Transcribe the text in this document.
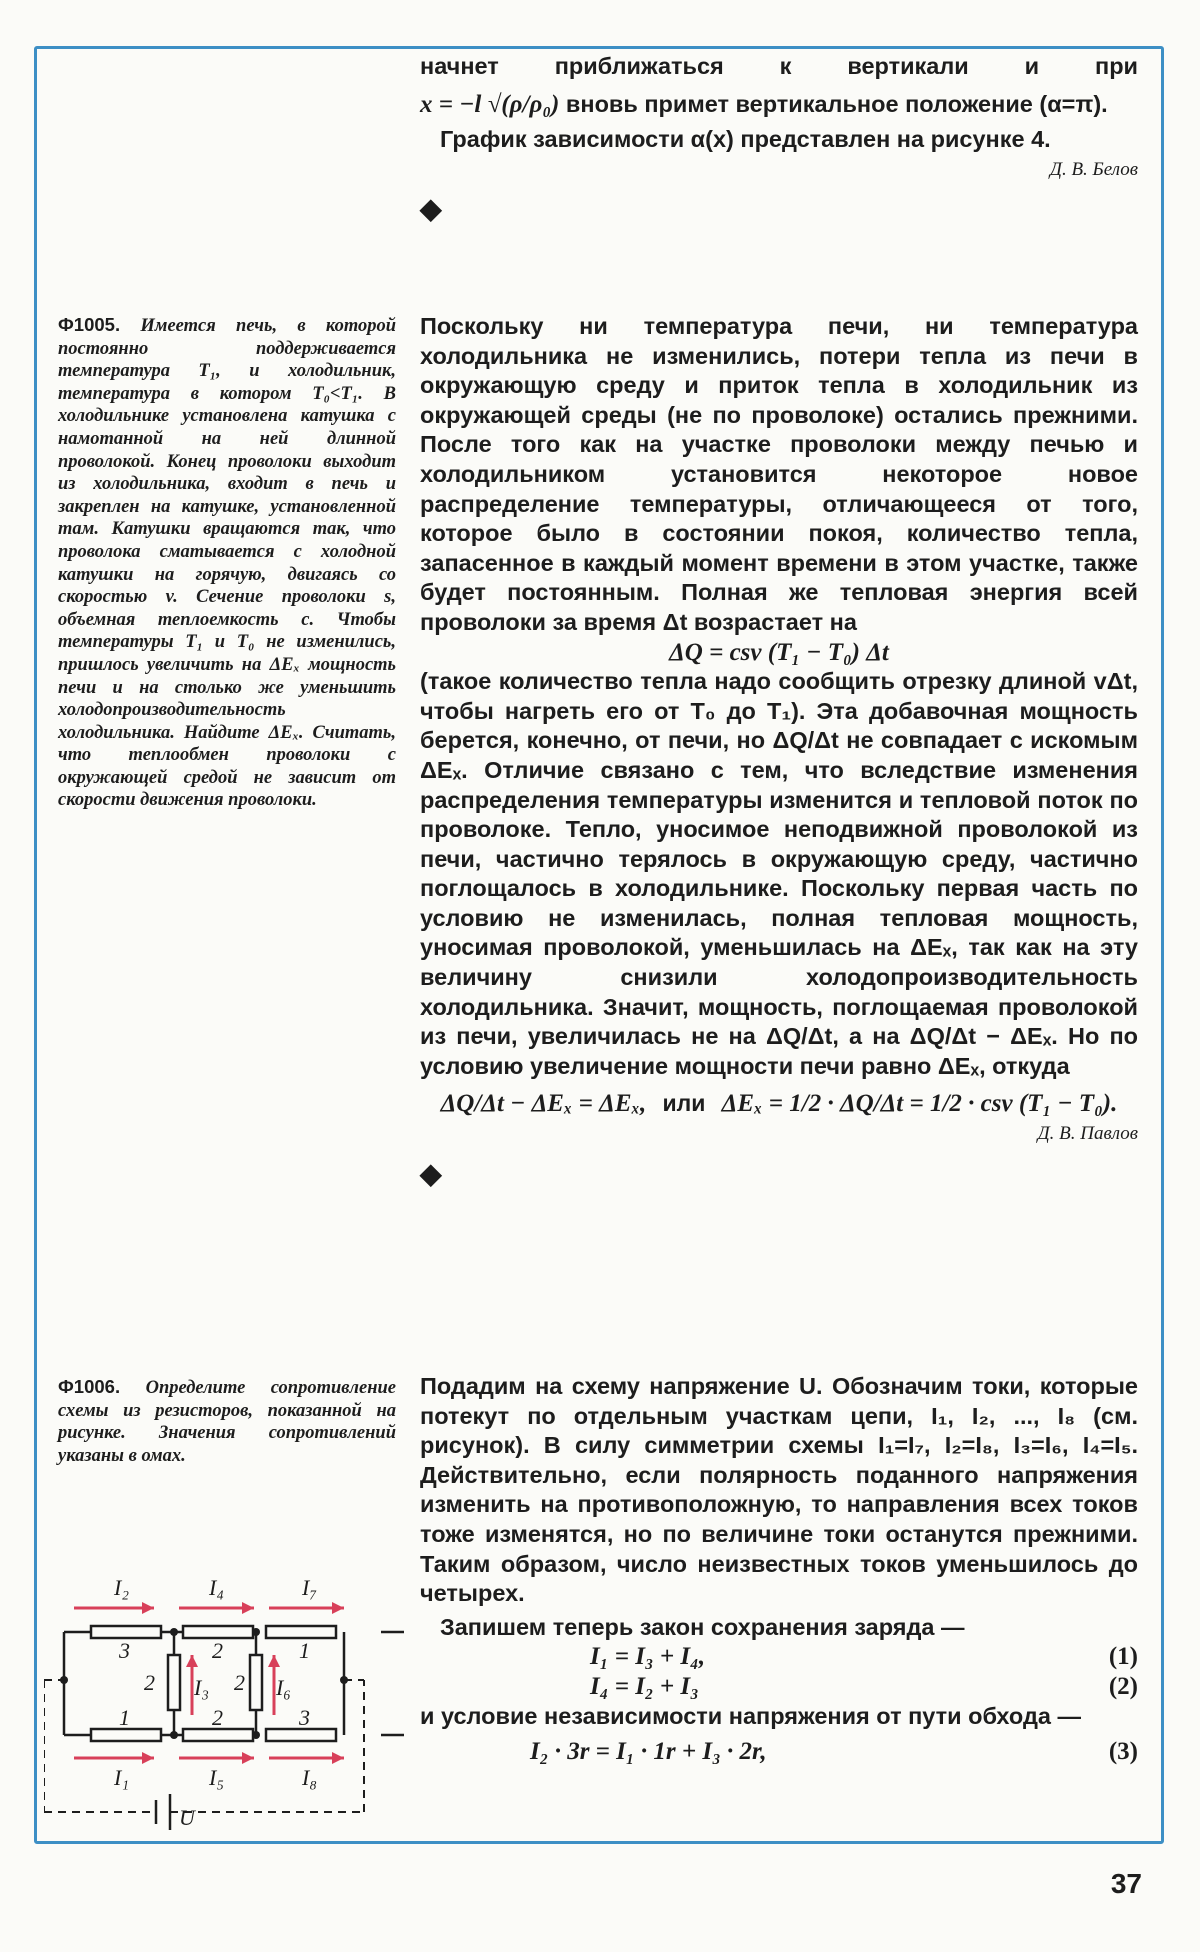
начнет приближаться к вертикали и при

x = −l √(ρ/ρ₀) вновь примет вертикальное положение (α=π).

График зависимости α(x) представлен на рисунке 4.

Д. В. Белов

◆
Ф1005. Имеется печь, в которой постоянно поддерживается температура T₁, и холодильник, температура в котором T₀<T₁. В холодильнике установлена катушка с намотанной на ней длинной проволокой. Конец проволоки выходит из холодильника, входит в печь и закреплен на катушке, установленной там. Катушки вращаются так, что проволока сматывается с холодной катушки на горячую, двигаясь со скоростью v. Сечение проволоки s, объемная теплоемкость c. Чтобы температуры T₁ и T₀ не изменились, пришлось увеличить на ΔEₓ мощность печи и на столько же уменьшить холодопроизводительность холодильника. Найдите ΔEₓ. Считать, что теплообмен проволоки с окружающей средой не зависит от скорости движения проволоки.

Поскольку ни температура печи, ни температура холодильника не изменились, потери тепла из печи в окружающую среду и приток тепла в холодильник из окружающей среды (не по проволоке) остались прежними. После того как на участке проволоки между печью и холодильником установится некоторое новое распределение температуры, отличающееся от того, которое было в состоянии покоя, количество тепла, запасенное в каждый момент времени в этом участке, также будет постоянным. Полная же тепловая энергия всей проволоки за время Δt возрастает на

ΔQ = csv (T₁ − T₀) Δt

(такое количество тепла надо сообщить отрезку длиной vΔt, чтобы нагреть его от T₀ до T₁). Эта добавочная мощность берется, конечно, от печи, но ΔQ/Δt не совпадает с искомым ΔEₓ. Отличие связано с тем, что вследствие изменения распределения температуры изменится и тепловой поток по проволоке. Тепло, уносимое неподвижной проволокой из печи, частично терялось в окружающую среду, частично поглощалось в холодильнике. Поскольку первая часть по условию не изменилась, полная тепловая мощность, уносимая проволокой, уменьшилась на ΔEₓ, так как на эту величину снизили холодопроизводительность холодильника. Значит, мощность, поглощаемая проволокой из печи, увеличилась не на ΔQ/Δt, а на ΔQ/Δt − ΔEₓ. Но по условию увеличение мощности печи равно ΔEₓ, откуда

ΔQ/Δt − ΔEₓ = ΔEₓ, или ΔEₓ = 1/2 · ΔQ/Δt = 1/2 · csv (T₁ − T₀).

Д. В. Павлов

◆
Ф1006. Определите сопротивление схемы из резисторов, показанной на рисунке. Значения сопротивлений указаны в омах.
I₂	I₄	I₇
I₁	I₅	I₈
I₃	I₆
U
3	2	1
1	2	3
2	2

Подадим на схему напряжение U. Обозначим токи, которые потекут по отдельным участкам цепи, I₁, I₂, ..., I₈ (см. рисунок). В силу симметрии схемы I₁=I₇, I₂=I₈, I₃=I₆, I₄=I₅. Действительно, если полярность поданного напряжения изменить на противоположную, то направления всех токов тоже изменятся, но по величине токи останутся прежними. Таким образом, число неизвестных токов уменьшилось до четырех.

Запишем теперь закон сохранения заряда —

I₁ = I₃ + I₄,	(1)
I₄ = I₂ + I₃	(2)

и условие независимости напряжения от пути обхода —

I₂ · 3r = I₁ · 1r + I₃ · 2r,	(3)
37
